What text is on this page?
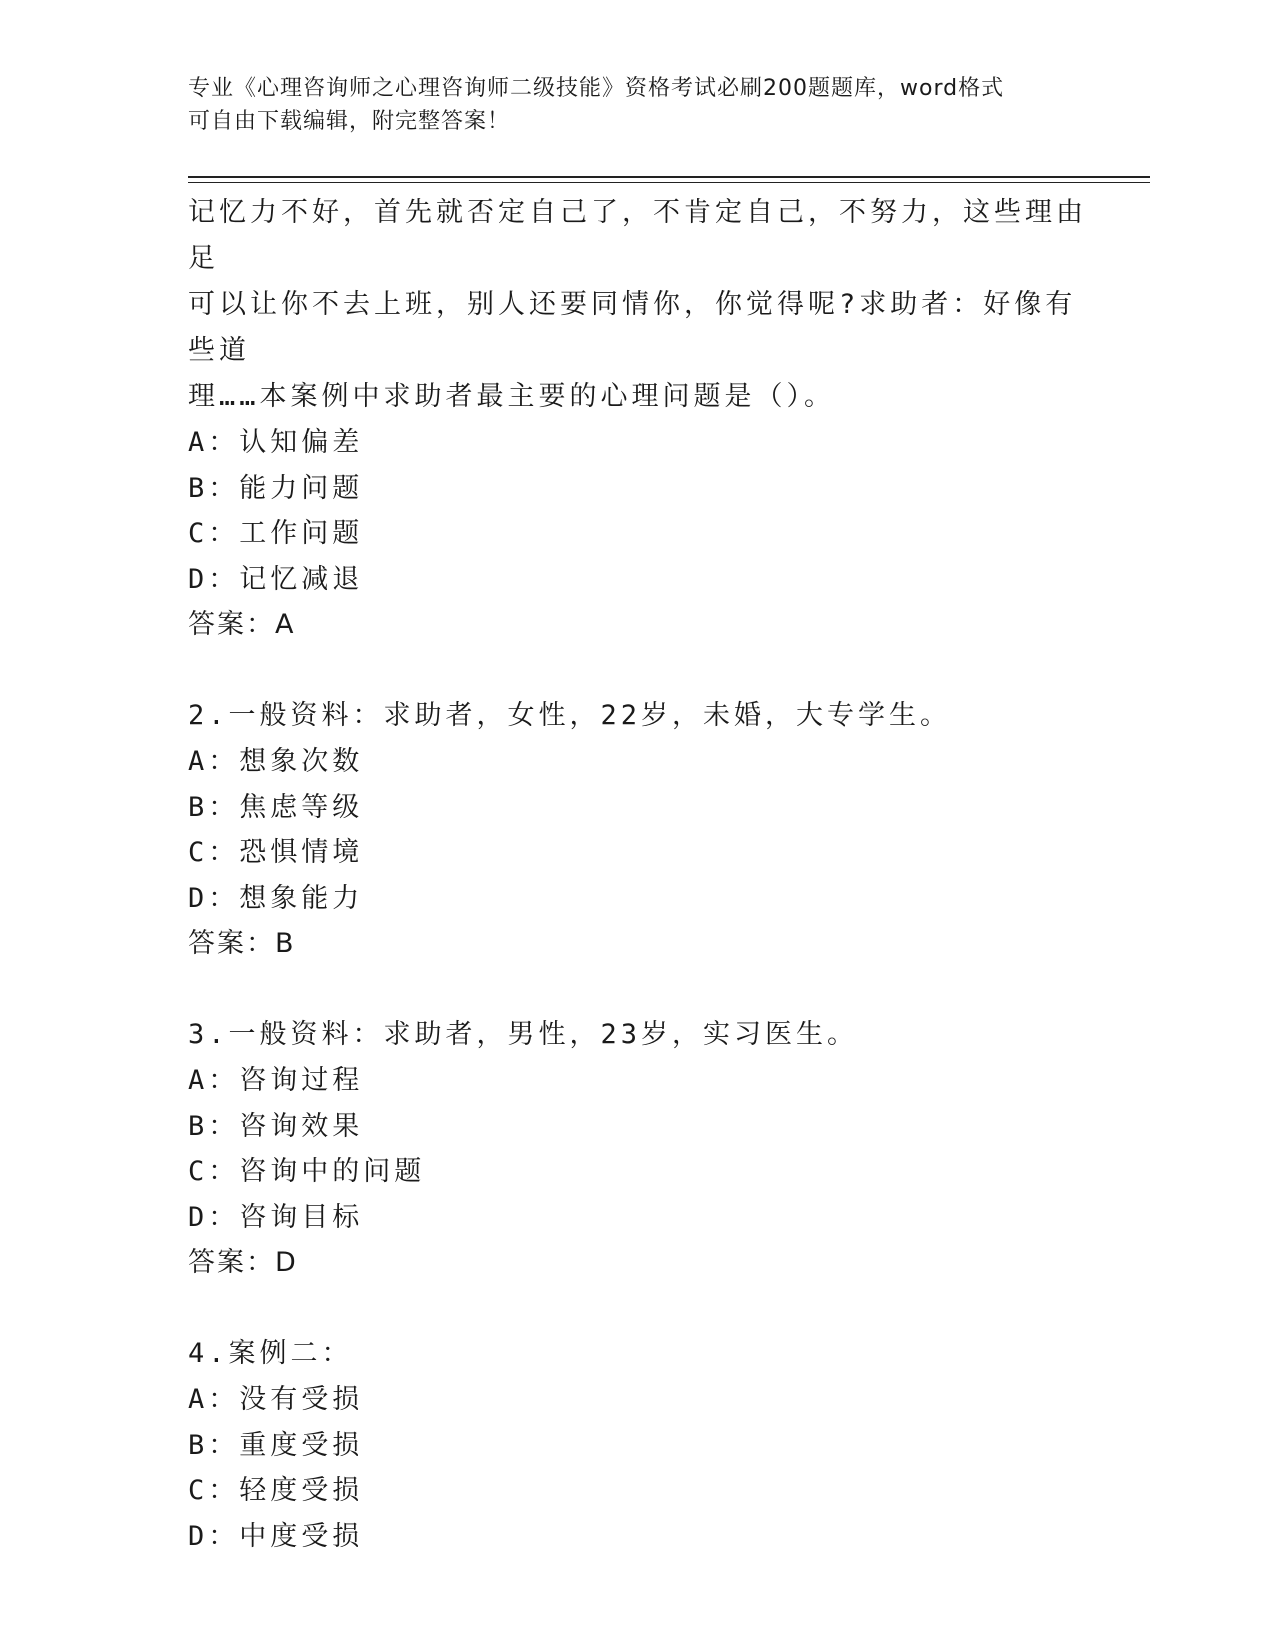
专业《心理咨询师之心理咨询师二级技能》资格考试必刷200题题库，word格式
可自由下载编辑，附完整答案！
记忆力不好，首先就否定自己了，不肯定自己，不努力，这些理由足
可以让你不去上班，别人还要同情你，你觉得呢?求助者：好像有些道
理……本案例中求助者最主要的心理问题是（）。
A：认知偏差
B：能力问题
C：工作问题
D：记忆减退
答案：A
2.一般资料：求助者，女性，22岁，未婚，大专学生。
A：想象次数
B：焦虑等级
C：恐惧情境
D：想象能力
答案：B
3.一般资料：求助者，男性，23岁，实习医生。
A：咨询过程
B：咨询效果
C：咨询中的问题
D：咨询目标
答案：D
4.案例二：
A：没有受损
B：重度受损
C：轻度受损
D：中度受损
